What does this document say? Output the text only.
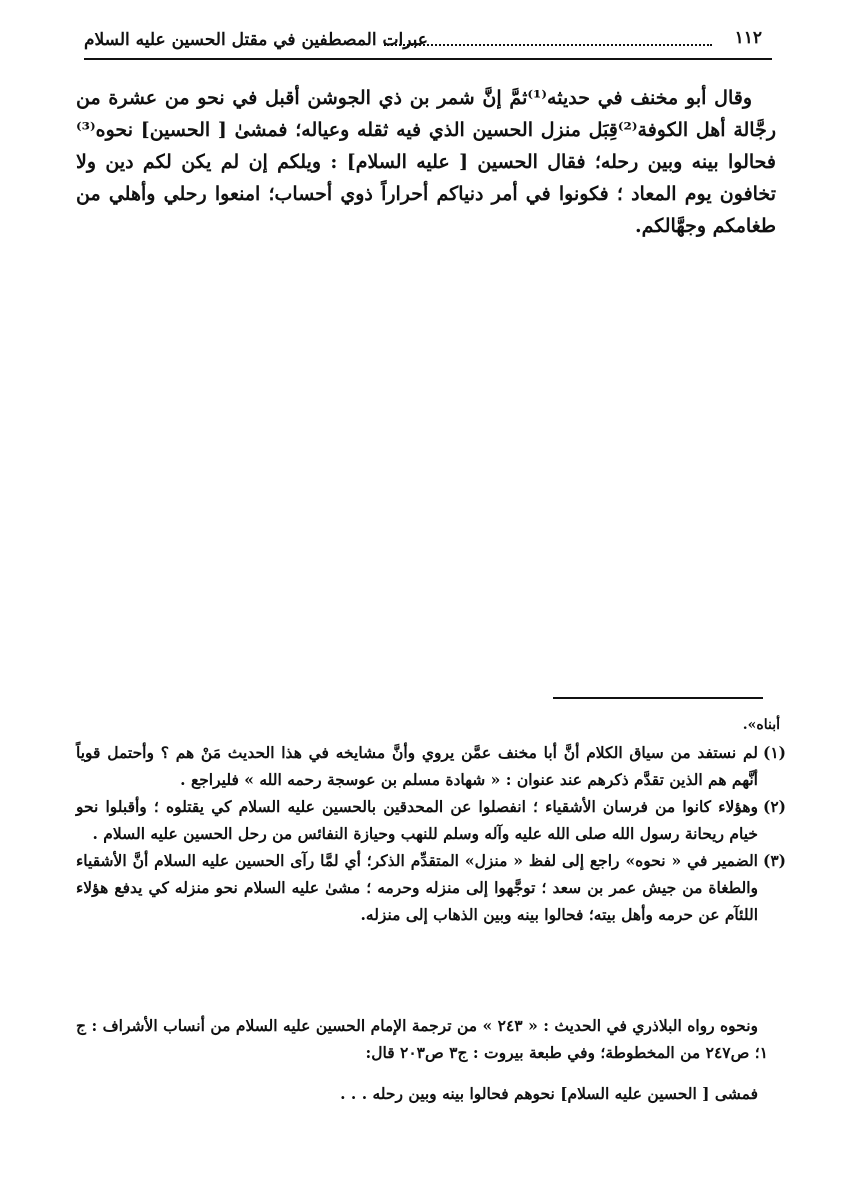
١١٢
عبرات المصطفين في مقتل الحسين عليه السلام

وقال أبو مخنف في حديثه⁽¹⁾ثمَّ إنَّ شمر بن ذي الجوشن أقبل في نحو من عشرة من رجَّالة أهل الكوفة⁽²⁾قِبَل منزل الحسين الذي فيه ثقله وعياله؛ فمشىٰ [ الحسين] نحوه⁽³⁾ فحالوا بينه وبين رحله؛ فقال الحسين [ عليه السلام] : ويلكم إن لم يكن لكم دين ولا تخافون يوم المعاد ؛ فكونوا في أمر دنياكم أحراراً ذوي أحساب؛ امنعوا رحلي وأهلي من طغامكم وجهَّالكم.

أبناه».

(١)
لم نستفد من سياق الكلام أنَّ أبا مخنف عمَّن يروي وأنَّ مشايخه في هذا الحديث مَنْ هم ؟ وأحتمل قوياً أنَّهم هم الذين تقدَّم ذكرهم عند عنوان : « شهادة مسلم بن عوسجة رحمه الله » فليراجع .

(٢)
وهؤلاء كانوا من فرسان الأشقياء ؛ انفصلوا عن المحدقين بالحسين عليه السلام كي يقتلوه ؛ وأقبلوا نحو خيام ريحانة رسول الله صلى الله عليه وآله وسلم للنهب وحيازة النفائس من رحل الحسين عليه السلام .

(٣)
الضمير في « نحوه» راجع إلى لفظ « منزل» المتقدِّم الذكر؛ أي لمَّا رآى الحسين عليه السلام أنَّ الأشقياء والطغاة من جيش عمر بن سعد ؛ توجَّهوا إلى منزله وحرمه ؛ مشىٰ عليه السلام نحو منزله كي يدفع هؤلاء اللئآم عن حرمه وأهل بيته؛ فحالوا بينه وبين الذهاب إلى منزله.

ونحوه رواه البلاذري في الحديث : « ٢٤٣ » من ترجمة الإمام الحسين عليه السلام من أنساب الأشراف : ج ١؛ ص٢٤٧ من المخطوطة؛ وفي طبعة بيروت : ج٣ ص٢٠٣ قال:

فمشى [ الحسين عليه السلام] نحوهم فحالوا بينه وبين رحله . . .
